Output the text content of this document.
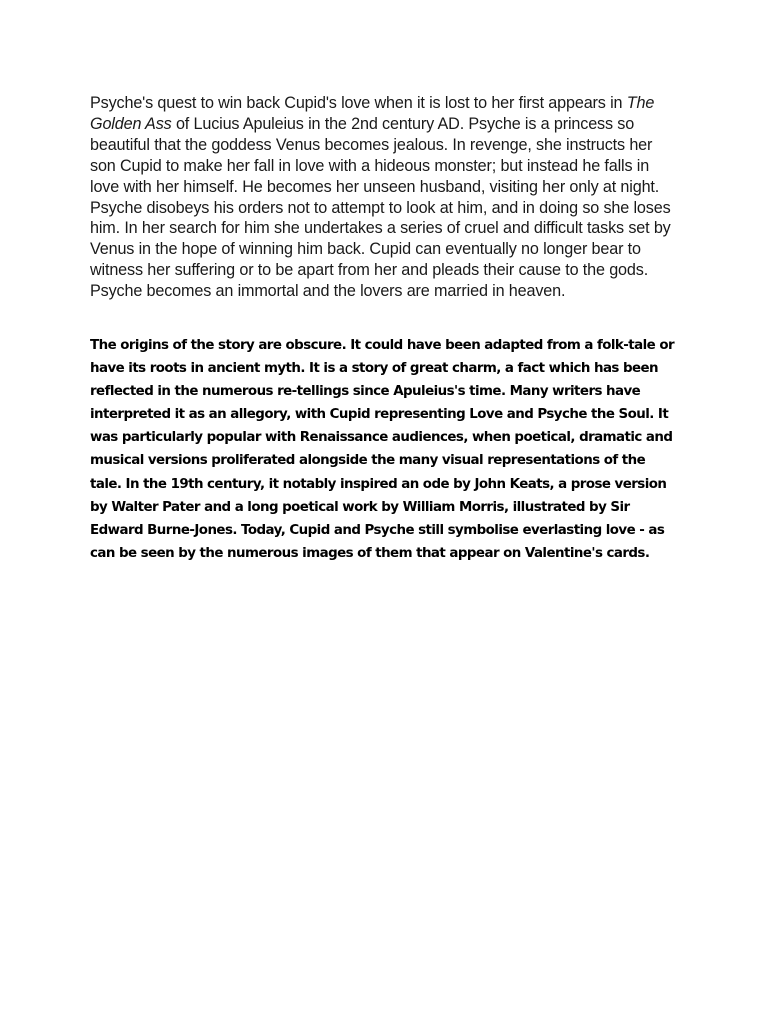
Psyche's quest to win back Cupid's love when it is lost to her first appears in The Golden Ass of Lucius Apuleius in the 2nd century AD. Psyche is a princess so beautiful that the goddess Venus becomes jealous. In revenge, she instructs her son Cupid to make her fall in love with a hideous monster; but instead he falls in love with her himself. He becomes her unseen husband, visiting her only at night. Psyche disobeys his orders not to attempt to look at him, and in doing so she loses him. In her search for him she undertakes a series of cruel and difficult tasks set by Venus in the hope of winning him back. Cupid can eventually no longer bear to witness her suffering or to be apart from her and pleads their cause to the gods. Psyche becomes an immortal and the lovers are married in heaven.

The origins of the story are obscure. It could have been adapted from a folk-tale or have its roots in ancient myth. It is a story of great charm, a fact which has been reflected in the numerous re-tellings since Apuleius's time. Many writers have interpreted it as an allegory, with Cupid representing Love and Psyche the Soul. It was particularly popular with Renaissance audiences, when poetical, dramatic and musical versions proliferated alongside the many visual representations of the tale. In the 19th century, it notably inspired an ode by John Keats, a prose version by Walter Pater and a long poetical work by William Morris, illustrated by Sir Edward Burne-Jones. Today, Cupid and Psyche still symbolise everlasting love - as can be seen by the numerous images of them that appear on Valentine's cards.
